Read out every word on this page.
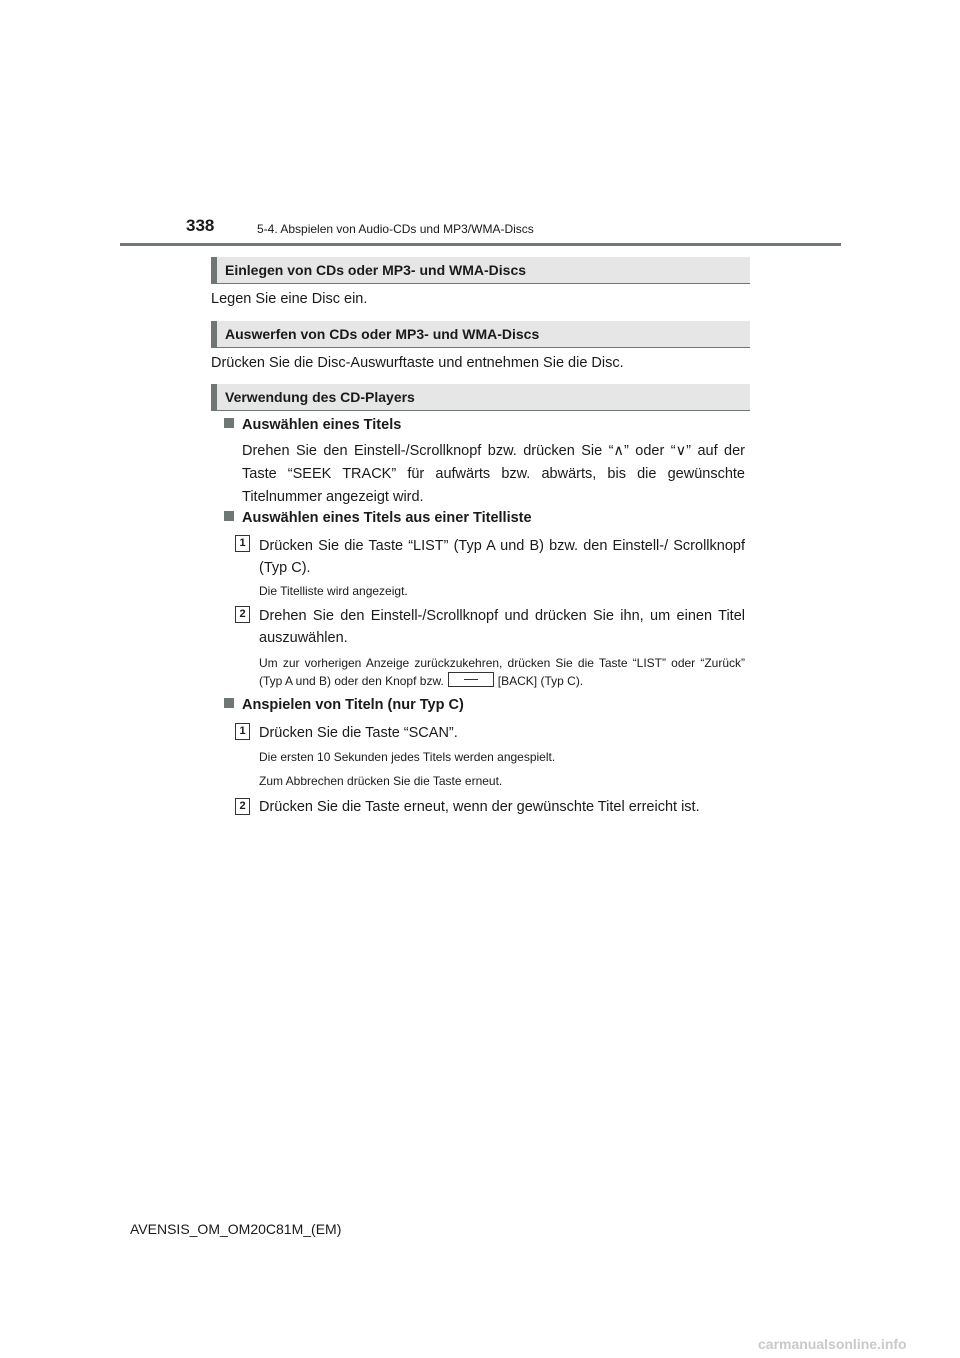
338	5-4. Abspielen von Audio-CDs und MP3/WMA-Discs
Einlegen von CDs oder MP3- und WMA-Discs
Legen Sie eine Disc ein.
Auswerfen von CDs oder MP3- und WMA-Discs
Drücken Sie die Disc-Auswurftaste und entnehmen Sie die Disc.
Verwendung des CD-Players
Auswählen eines Titels
Drehen Sie den Einstell-/Scrollknopf bzw. drücken Sie “∧” oder “∨” auf der Taste “SEEK TRACK” für aufwärts bzw. abwärts, bis die gewünschte Titelnummer angezeigt wird.
Auswählen eines Titels aus einer Titelliste
1 Drücken Sie die Taste “LIST” (Typ A und B) bzw. den Einstell-/ Scrollknopf (Typ C).
Die Titelliste wird angezeigt.
2 Drehen Sie den Einstell-/Scrollknopf und drücken Sie ihn, um einen Titel auszuwählen.
Um zur vorherigen Anzeige zurückzukehren, drücken Sie die Taste “LIST” oder “Zurück” (Typ A und B) oder den Knopf bzw.	[BACK] (Typ C).
Anspielen von Titeln (nur Typ C)
1 Drücken Sie die Taste “SCAN”.
Die ersten 10 Sekunden jedes Titels werden angespielt.
Zum Abbrechen drücken Sie die Taste erneut.
2 Drücken Sie die Taste erneut, wenn der gewünschte Titel erreicht ist.
AVENSIS_OM_OM20C81M_(EM)
carmanualsonline.info
